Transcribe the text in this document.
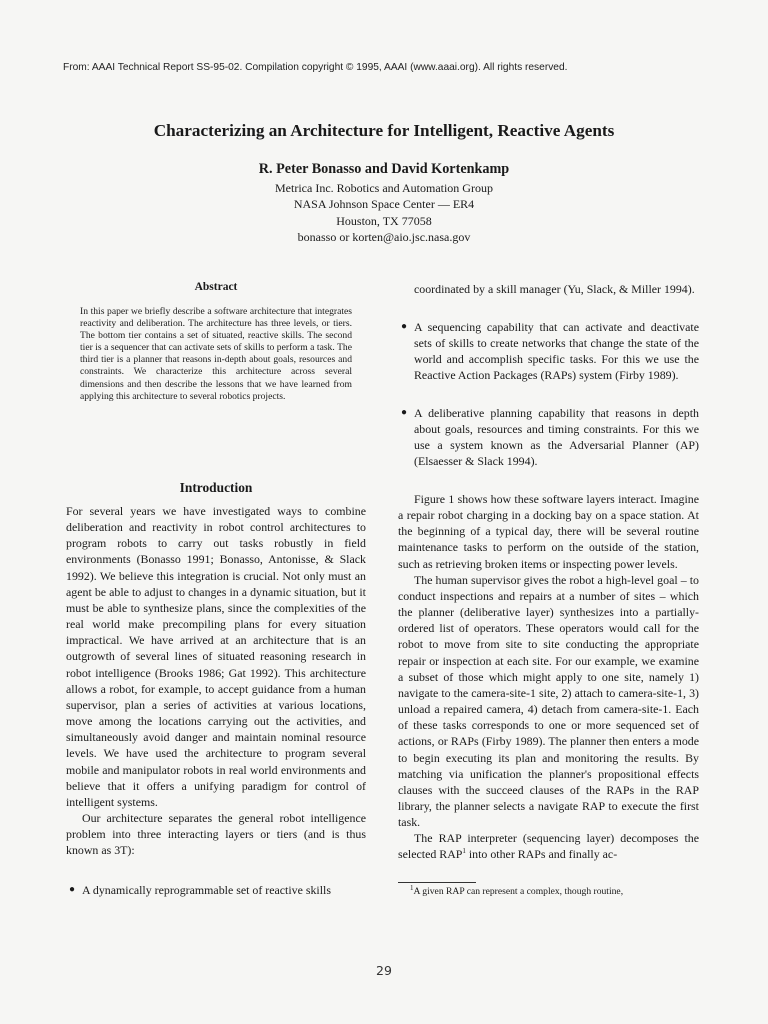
From: AAAI Technical Report SS-95-02. Compilation copyright © 1995, AAAI (www.aaai.org). All rights reserved.
Characterizing an Architecture for Intelligent, Reactive Agents
R. Peter Bonasso and David Kortenkamp
Metrica Inc. Robotics and Automation Group
NASA Johnson Space Center — ER4
Houston, TX 77058
bonasso or korten@aio.jsc.nasa.gov
Abstract

In this paper we briefly describe a software architecture that integrates reactivity and deliberation. The architecture has three levels, or tiers. The bottom tier contains a set of situated, reactive skills. The second tier is a sequencer that can activate sets of skills to perform a task. The third tier is a planner that reasons in-depth about goals, resources and constraints. We characterize this architecture across several dimensions and then describe the lessons that we have learned from applying this architecture to several robotics projects.

Introduction

For several years we have investigated ways to combine deliberation and reactivity in robot control architectures to program robots to carry out tasks robustly in field environments (Bonasso 1991; Bonasso, Antonisse, & Slack 1992). We believe this integration is crucial. Not only must an agent be able to adjust to changes in a dynamic situation, but it must be able to synthesize plans, since the complexities of the real world make precompiling plans for every situation impractical. We have arrived at an architecture that is an outgrowth of several lines of situated reasoning research in robot intelligence (Brooks 1986; Gat 1992). This architecture allows a robot, for example, to accept guidance from a human supervisor, plan a series of activities at various locations, move among the locations carrying out the activities, and simultaneously avoid danger and maintain nominal resource levels. We have used the architecture to program several mobile and manipulator robots in real world environments and believe that it offers a unifying paradigm for control of intelligent systems.

Our architecture separates the general robot intelligence problem into three interacting layers or tiers (and is thus known as 3T):

● A dynamically reprogrammable set of reactive skills
coordinated by a skill manager (Yu, Slack, & Miller 1994).
● A sequencing capability that can activate and deactivate sets of skills to create networks that change the state of the world and accomplish specific tasks. For this we use the Reactive Action Packages (RAPs) system (Firby 1989).
● A deliberative planning capability that reasons in depth about goals, resources and timing constraints. For this we use a system known as the Adversarial Planner (AP) (Elsaesser & Slack 1994).

Figure 1 shows how these software layers interact. Imagine a repair robot charging in a docking bay on a space station. At the beginning of a typical day, there will be several routine maintenance tasks to perform on the outside of the station, such as retrieving broken items or inspecting power levels.

The human supervisor gives the robot a high-level goal – to conduct inspections and repairs at a number of sites – which the planner (deliberative layer) synthesizes into a partially-ordered list of operators. These operators would call for the robot to move from site to site conducting the appropriate repair or inspection at each site. For our example, we examine a subset of those which might apply to one site, namely 1) navigate to the camera-site-1 site, 2) attach to camera-site-1, 3) unload a repaired camera, 4) detach from camera-site-1. Each of these tasks corresponds to one or more sequenced set of actions, or RAPs (Firby 1989). The planner then enters a mode to begin executing its plan and monitoring the results. By matching via unification the planner's propositional effects clauses with the succeed clauses of the RAPs in the RAP library, the planner selects a navigate RAP to execute the first task.

The RAP interpreter (sequencing layer) decomposes the selected RAP$^1$ into other RAPs and finally ac-

$^1$A given RAP can represent a complex, though routine,

29
